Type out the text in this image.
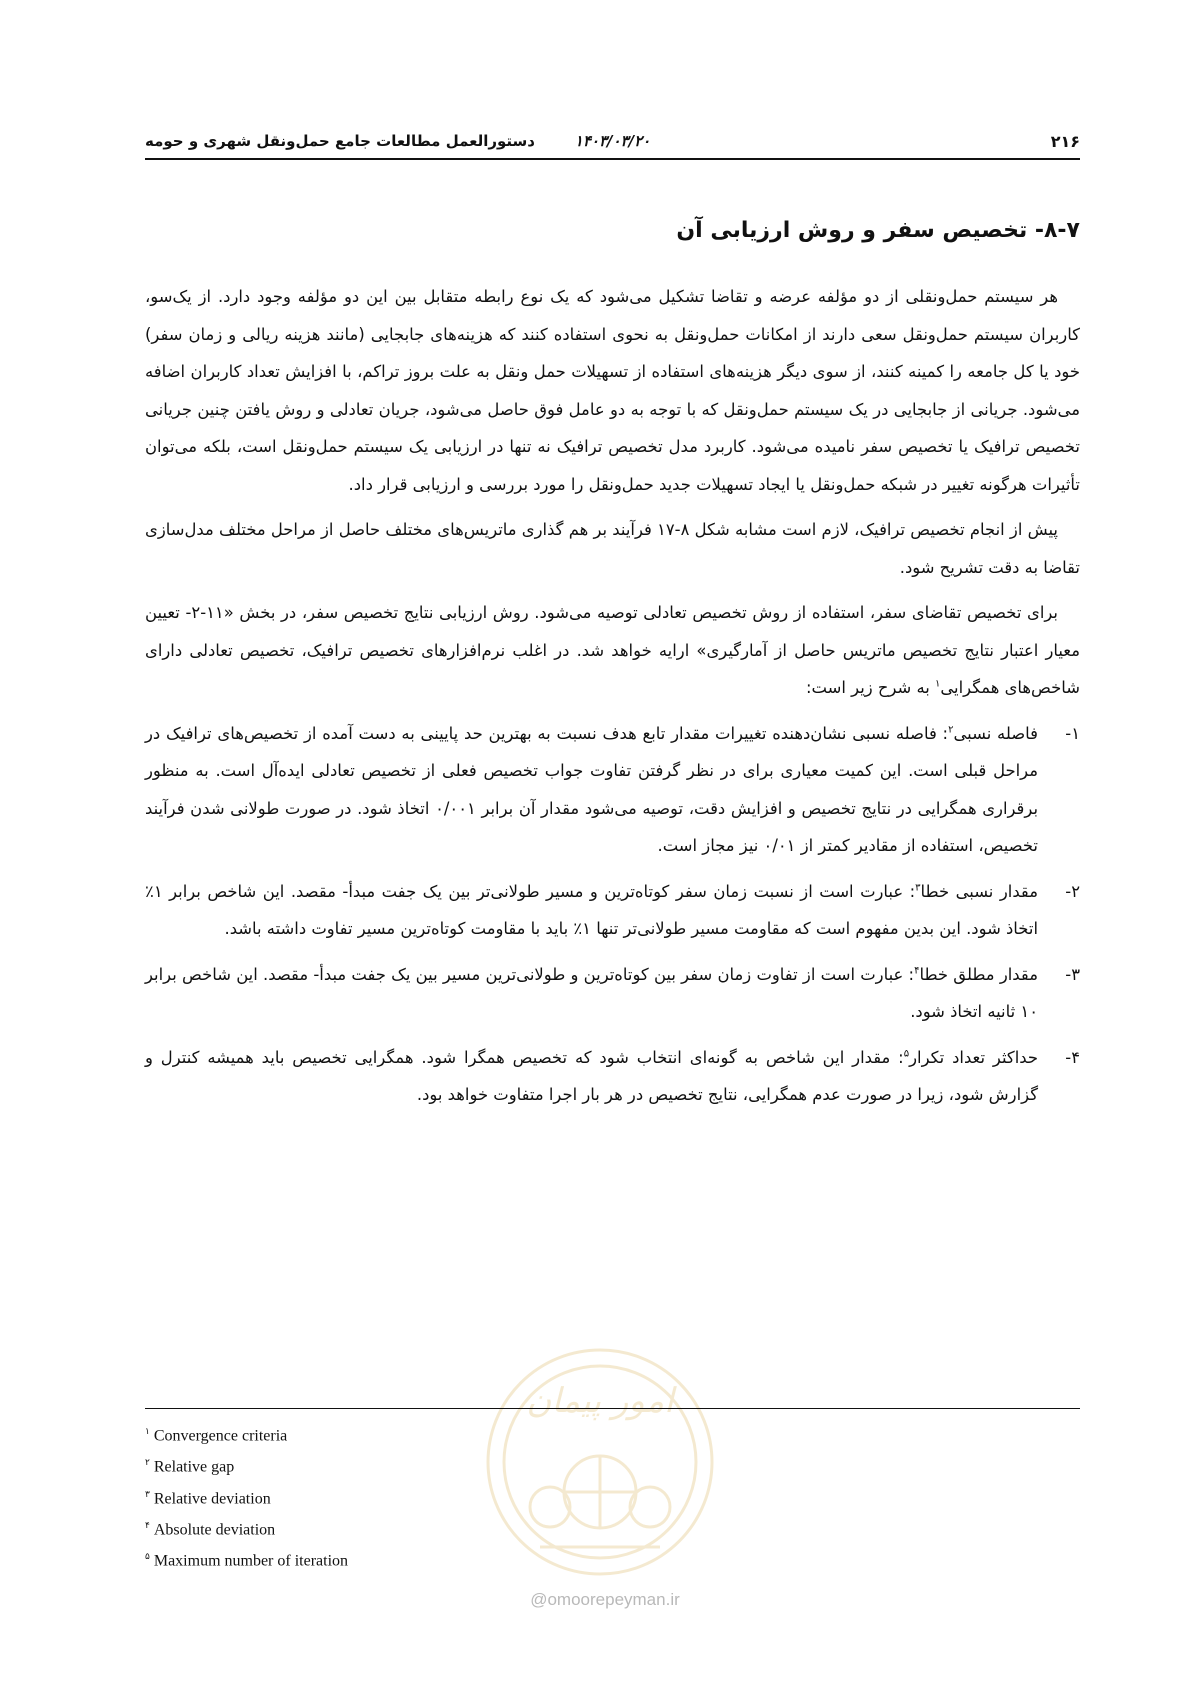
۲۱۶
۱۴۰۳/۰۳/۲۰
دستورالعمل مطالعات جامع حمل‌ونقل شهری و حومه
۸-۷- تخصیص سفر و روش ارزیابی آن

هر سیستم حمل‌ونقلی از دو مؤلفه عرضه و تقاضا تشکیل می‌شود که یک نوع رابطه متقابل بین این دو مؤلفه وجود دارد. از یک‌سو، کاربران سیستم حمل‌ونقل سعی دارند از امکانات حمل‌ونقل به نحوی استفاده کنند که هزینه‌های جابجایی (مانند هزینه ریالی و زمان سفر) خود یا کل جامعه را کمینه کنند، از سوی دیگر هزینه‌های استفاده از تسهیلات حمل ونقل به علت بروز تراکم، با افزایش تعداد کاربران اضافه می‌شود. جریانی از جابجایی در یک سیستم حمل‌ونقل که با توجه به دو عامل فوق حاصل می‌شود، جریان تعادلی و روش یافتن چنین جریانی تخصیص ترافیک یا تخصیص سفر نامیده می‌شود. کاربرد مدل تخصیص ترافیک نه تنها در ارزیابی یک سیستم حمل‌ونقل است، بلکه می‌توان تأثیرات هرگونه تغییر در شبکه حمل‌ونقل یا ایجاد تسهیلات جدید حمل‌ونقل را مورد بررسی و ارزیابی قرار داد.

پیش از انجام تخصیص ترافیک، لازم است مشابه شکل ۸-۱۷ فرآیند بر هم گذاری ماتریس‌های مختلف حاصل از مراحل مختلف مدل‌سازی تقاضا به دقت تشریح شود.

برای تخصیص تقاضای سفر، استفاده از روش تخصیص تعادلی توصیه می‌شود. روش ارزیابی نتایج تخصیص سفر، در بخش «۱۱-۲- تعیین معیار اعتبار نتایج تخصیص ماتریس حاصل از آمارگیری» ارایه خواهد شد. در اغلب نرم‌افزارهای تخصیص ترافیک، تخصیص تعادلی دارای شاخص‌های همگرایی$^۱$ به شرح زیر است:

۱-
فاصله نسبی$^۲$: فاصله نسبی نشان‌دهنده تغییرات مقدار تابع هدف نسبت به بهترین حد پایینی به دست آمده از تخصیص‌های ترافیک در مراحل قبلی است. این کمیت معیاری برای در نظر گرفتن تفاوت جواب تخصیص فعلی از تخصیص تعادلی ایده‌آل است. به منظور برقراری همگرایی در نتایج تخصیص و افزایش دقت، توصیه می‌شود مقدار آن برابر ۰/۰۰۱ اتخاذ شود. در صورت طولانی شدن فرآیند تخصیص، استفاده از مقادیر کمتر از ۰/۰۱ نیز مجاز است.
۲-
مقدار نسبی خطا$^۳$: عبارت است از نسبت زمان سفر کوتاه‌ترین و مسیر طولانی‌تر بین یک جفت مبدأ- مقصد. این شاخص برابر ۱٪ اتخاذ شود. این بدین مفهوم است که مقاومت مسیر طولانی‌تر تنها ۱٪ باید با مقاومت کوتاه‌ترین مسیر تفاوت داشته باشد.
۳-
مقدار مطلق خطا$^۴$: عبارت است از تفاوت زمان سفر بین کوتاه‌ترین و طولانی‌ترین مسیر بین یک جفت مبدأ- مقصد. این شاخص برابر ۱۰ ثانیه اتخاذ شود.
۴-
حداکثر تعداد تکرار$^۵$: مقدار این شاخص به گونه‌ای انتخاب شود که تخصیص همگرا شود. همگرایی تخصیص باید همیشه کنترل و گزارش شود، زیرا در صورت عدم همگرایی، نتایج تخصیص در هر بار اجرا متفاوت خواهد بود.
امور پیمان
@omoorepeyman.ir
$^۱$ Convergence criteria
$^۲$ Relative gap
$^۳$ Relative deviation
$^۴$ Absolute deviation
$^۵$ Maximum number of iteration
